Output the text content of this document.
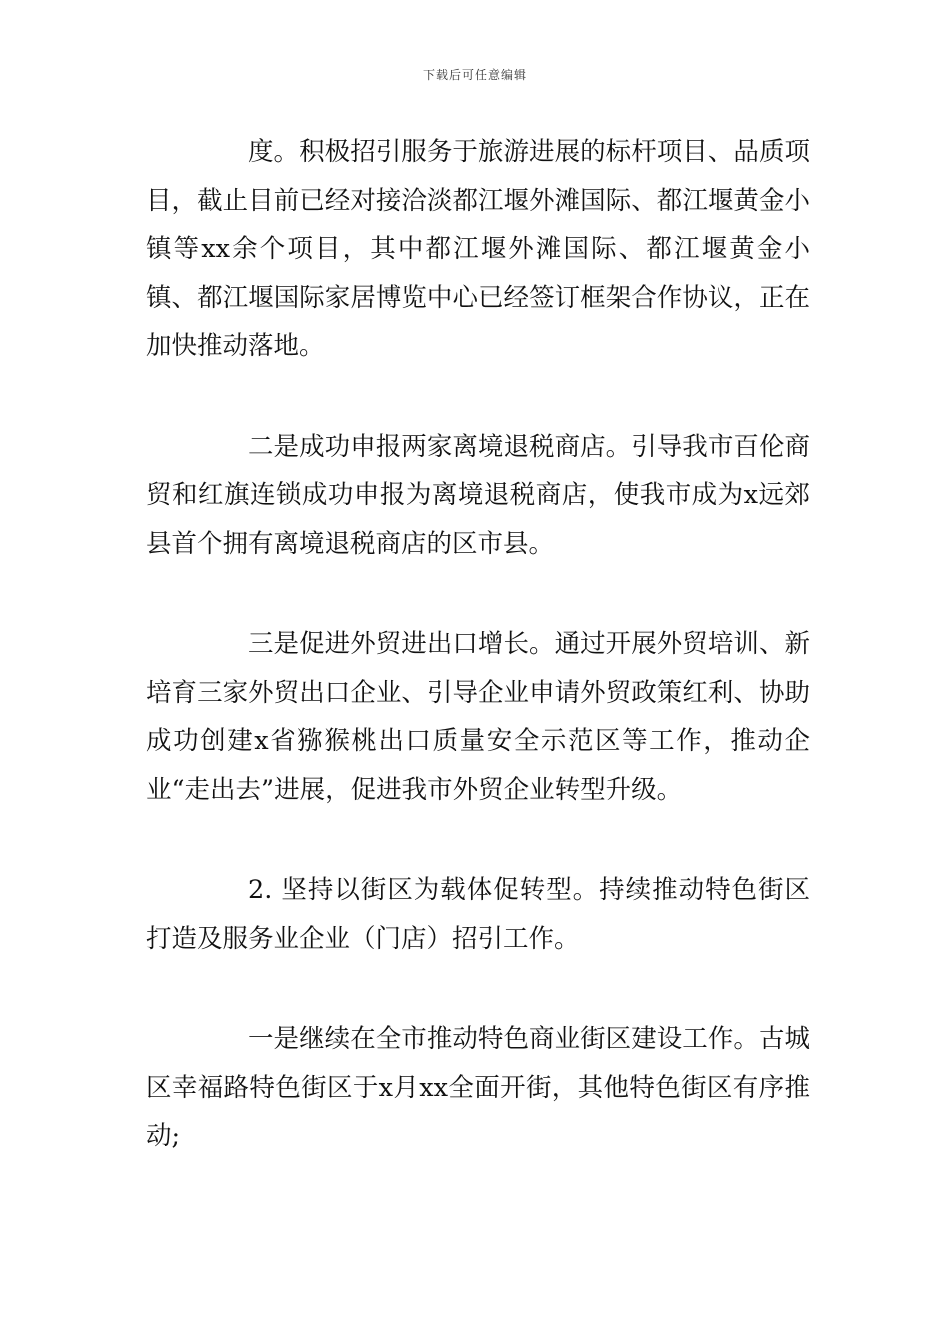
下载后可任意编辑

度。积极招引服务于旅游进展的标杆项目、品质项目，截止目前已经对接洽淡都江堰外滩国际、都江堰黄金小镇等xx余个项目，其中都江堰外滩国际、都江堰黄金小镇、都江堰国际家居博览中心已经签订框架合作协议，正在加快推动落地。

二是成功申报两家离境退税商店。引导我市百伦商贸和红旗连锁成功申报为离境退税商店，使我市成为x远郊县首个拥有离境退税商店的区市县。

三是促进外贸进出口增长。通过开展外贸培训、新培育三家外贸出口企业、引导企业申请外贸政策红利、协助成功创建x省猕猴桃出口质量安全示范区等工作，推动企业“走出去”进展，促进我市外贸企业转型升级。

2. 坚持以街区为载体促转型。持续推动特色街区打造及服务业企业（门店）招引工作。

一是继续在全市推动特色商业街区建设工作。古城区幸福路特色街区于x月xx全面开街，其他特色街区有序推动;
